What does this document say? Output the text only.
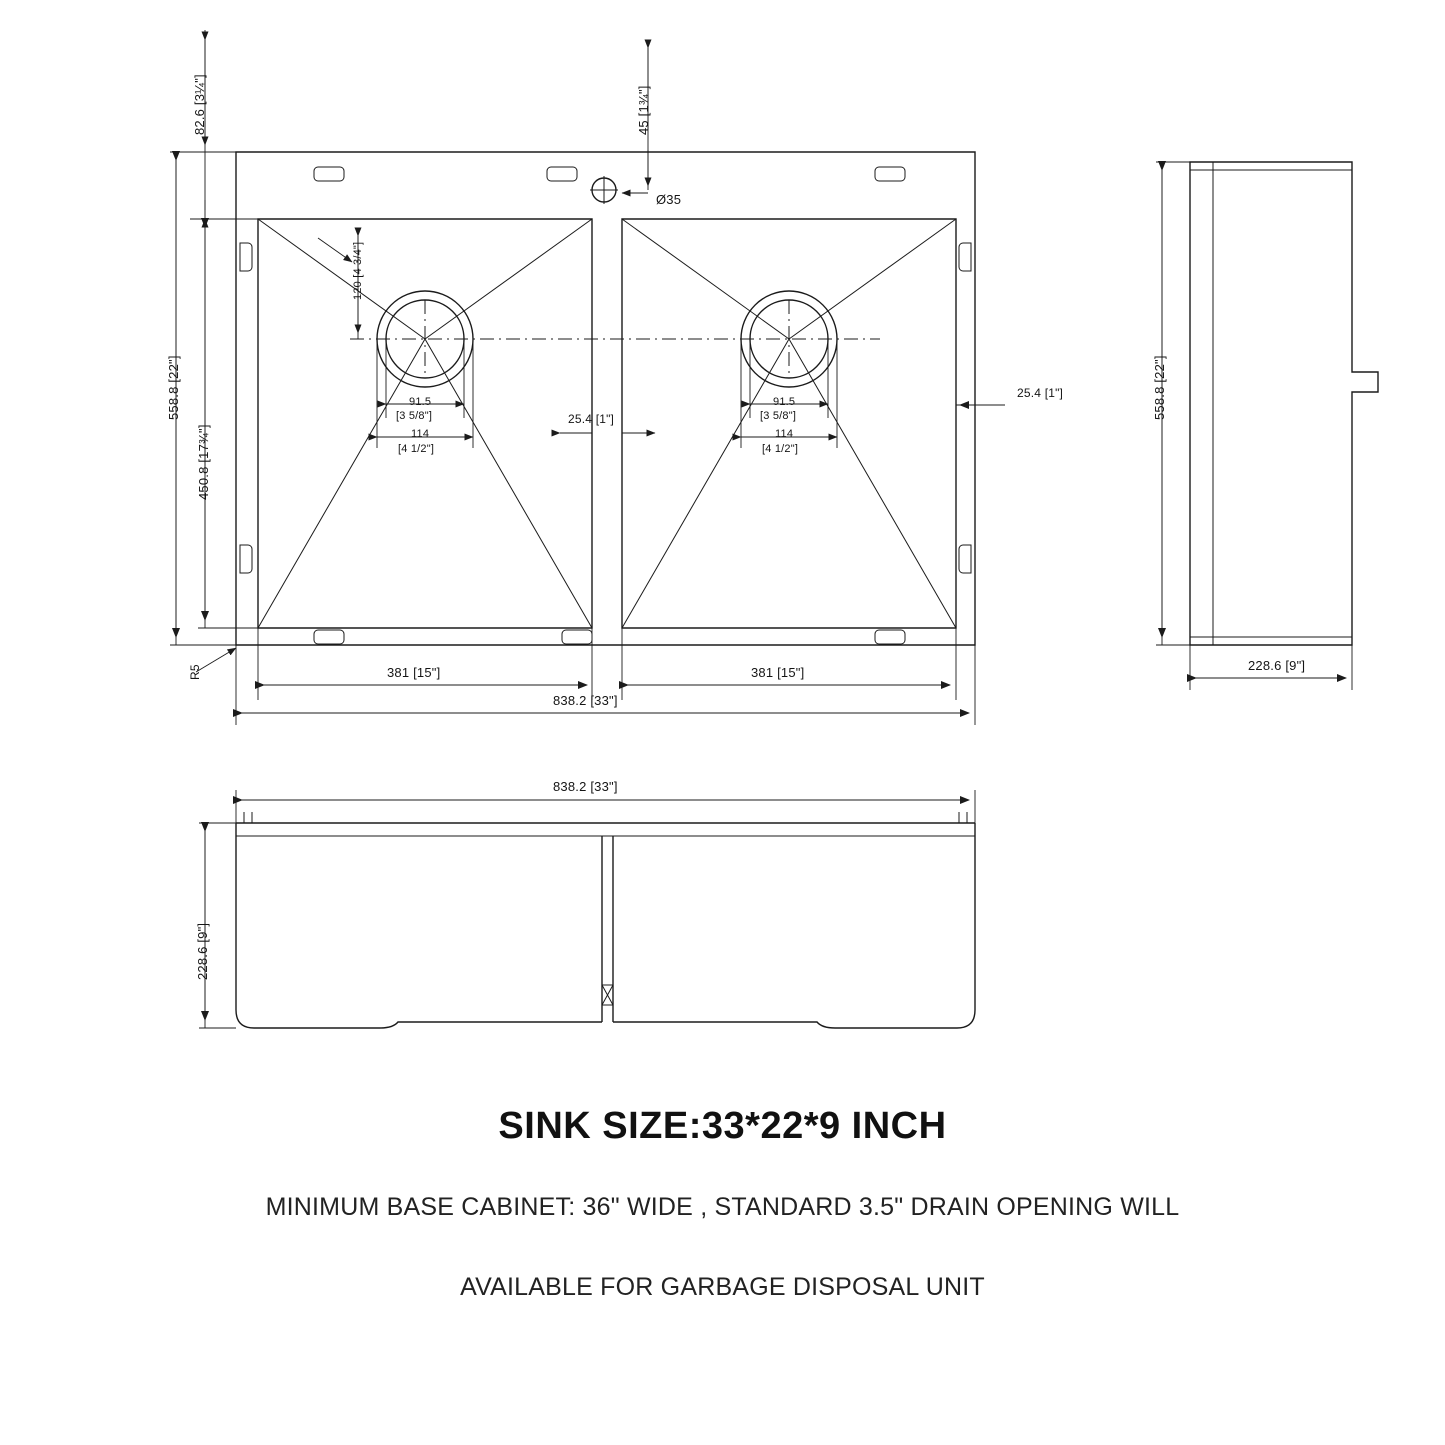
82.6 [3¼"]	45 [1¾"]
Ø35
558.8 [22"]
450.8 [17¾"]
120 [4 3/4"]
91.5
[3 5/8"]
114
[4 1/2"]
91.5
[3 5/8"]
114
[4 1/2"]
25.4 [1"]
25.4 [1"]
R5	381 [15"]	381 [15"]
838.2 [33"]
558.8 [22"]
228.6 [9"]
838.2 [33"]
228.6 [9"]
SINK SIZE:33*22*9 INCH
MINIMUM BASE CABINET: 36" WIDE , STANDARD 3.5" DRAIN OPENING WILL
AVAILABLE FOR GARBAGE DISPOSAL UNIT
